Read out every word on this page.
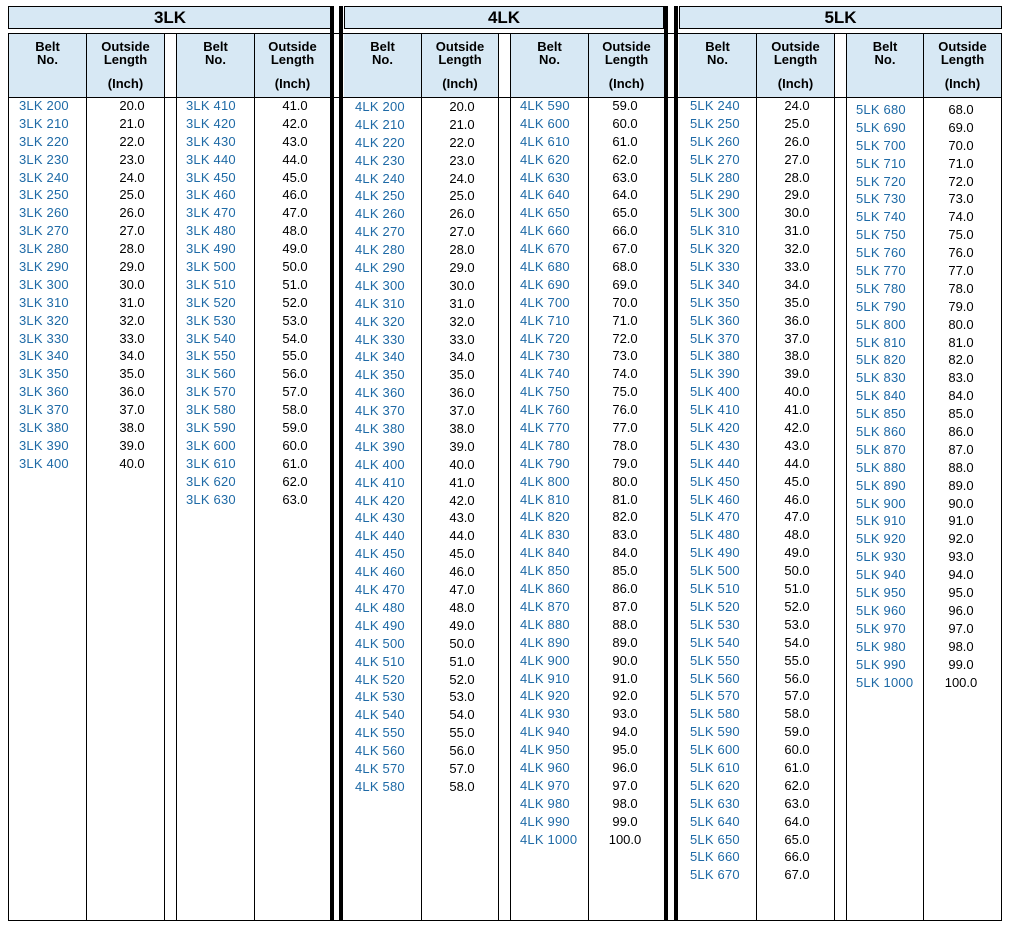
3LK	4LK	5LK
Belt
No.
Outside
Length
(Inch)
Belt
No.
Outside
Length
(Inch)
Belt
No.
Outside
Length
(Inch)
Belt
No.
Outside
Length
(Inch)
Belt
No.
Outside
Length
(Inch)
Belt
No.
Outside
Length
(Inch)
3LK 200
3LK 210
3LK 220
3LK 230
3LK 240
3LK 250
3LK 260
3LK 270
3LK 280
3LK 290
3LK 300
3LK 310
3LK 320
3LK 330
3LK 340
3LK 350
3LK 360
3LK 370
3LK 380
3LK 390
3LK 400
20.0
21.0
22.0
23.0
24.0
25.0
26.0
27.0
28.0
29.0
30.0
31.0
32.0
33.0
34.0
35.0
36.0
37.0
38.0
39.0
40.0
3LK 410
3LK 420
3LK 430
3LK 440
3LK 450
3LK 460
3LK 470
3LK 480
3LK 490
3LK 500
3LK 510
3LK 520
3LK 530
3LK 540
3LK 550
3LK 560
3LK 570
3LK 580
3LK 590
3LK 600
3LK 610
3LK 620
3LK 630
41.0
42.0
43.0
44.0
45.0
46.0
47.0
48.0
49.0
50.0
51.0
52.0
53.0
54.0
55.0
56.0
57.0
58.0
59.0
60.0
61.0
62.0
63.0
4LK 200
4LK 210
4LK 220
4LK 230
4LK 240
4LK 250
4LK 260
4LK 270
4LK 280
4LK 290
4LK 300
4LK 310
4LK 320
4LK 330
4LK 340
4LK 350
4LK 360
4LK 370
4LK 380
4LK 390
4LK 400
4LK 410
4LK 420
4LK 430
4LK 440
4LK 450
4LK 460
4LK 470
4LK 480
4LK 490
4LK 500
4LK 510
4LK 520
4LK 530
4LK 540
4LK 550
4LK 560
4LK 570
4LK 580
20.0
21.0
22.0
23.0
24.0
25.0
26.0
27.0
28.0
29.0
30.0
31.0
32.0
33.0
34.0
35.0
36.0
37.0
38.0
39.0
40.0
41.0
42.0
43.0
44.0
45.0
46.0
47.0
48.0
49.0
50.0
51.0
52.0
53.0
54.0
55.0
56.0
57.0
58.0
4LK 590
4LK 600
4LK 610
4LK 620
4LK 630
4LK 640
4LK 650
4LK 660
4LK 670
4LK 680
4LK 690
4LK 700
4LK 710
4LK 720
4LK 730
4LK 740
4LK 750
4LK 760
4LK 770
4LK 780
4LK 790
4LK 800
4LK 810
4LK 820
4LK 830
4LK 840
4LK 850
4LK 860
4LK 870
4LK 880
4LK 890
4LK 900
4LK 910
4LK 920
4LK 930
4LK 940
4LK 950
4LK 960
4LK 970
4LK 980
4LK 990
4LK 1000
59.0
60.0
61.0
62.0
63.0
64.0
65.0
66.0
67.0
68.0
69.0
70.0
71.0
72.0
73.0
74.0
75.0
76.0
77.0
78.0
79.0
80.0
81.0
82.0
83.0
84.0
85.0
86.0
87.0
88.0
89.0
90.0
91.0
92.0
93.0
94.0
95.0
96.0
97.0
98.0
99.0
100.0
5LK 240
5LK 250
5LK 260
5LK 270
5LK 280
5LK 290
5LK 300
5LK 310
5LK 320
5LK 330
5LK 340
5LK 350
5LK 360
5LK 370
5LK 380
5LK 390
5LK 400
5LK 410
5LK 420
5LK 430
5LK 440
5LK 450
5LK 460
5LK 470
5LK 480
5LK 490
5LK 500
5LK 510
5LK 520
5LK 530
5LK 540
5LK 550
5LK 560
5LK 570
5LK 580
5LK 590
5LK 600
5LK 610
5LK 620
5LK 630
5LK 640
5LK 650
5LK 660
5LK 670
24.0
25.0
26.0
27.0
28.0
29.0
30.0
31.0
32.0
33.0
34.0
35.0
36.0
37.0
38.0
39.0
40.0
41.0
42.0
43.0
44.0
45.0
46.0
47.0
48.0
49.0
50.0
51.0
52.0
53.0
54.0
55.0
56.0
57.0
58.0
59.0
60.0
61.0
62.0
63.0
64.0
65.0
66.0
67.0
5LK 680
5LK 690
5LK 700
5LK 710
5LK 720
5LK 730
5LK 740
5LK 750
5LK 760
5LK 770
5LK 780
5LK 790
5LK 800
5LK 810
5LK 820
5LK 830
5LK 840
5LK 850
5LK 860
5LK 870
5LK 880
5LK 890
5LK 900
5LK 910
5LK 920
5LK 930
5LK 940
5LK 950
5LK 960
5LK 970
5LK 980
5LK 990
5LK 1000
68.0
69.0
70.0
71.0
72.0
73.0
74.0
75.0
76.0
77.0
78.0
79.0
80.0
81.0
82.0
83.0
84.0
85.0
86.0
87.0
88.0
89.0
90.0
91.0
92.0
93.0
94.0
95.0
96.0
97.0
98.0
99.0
100.0
